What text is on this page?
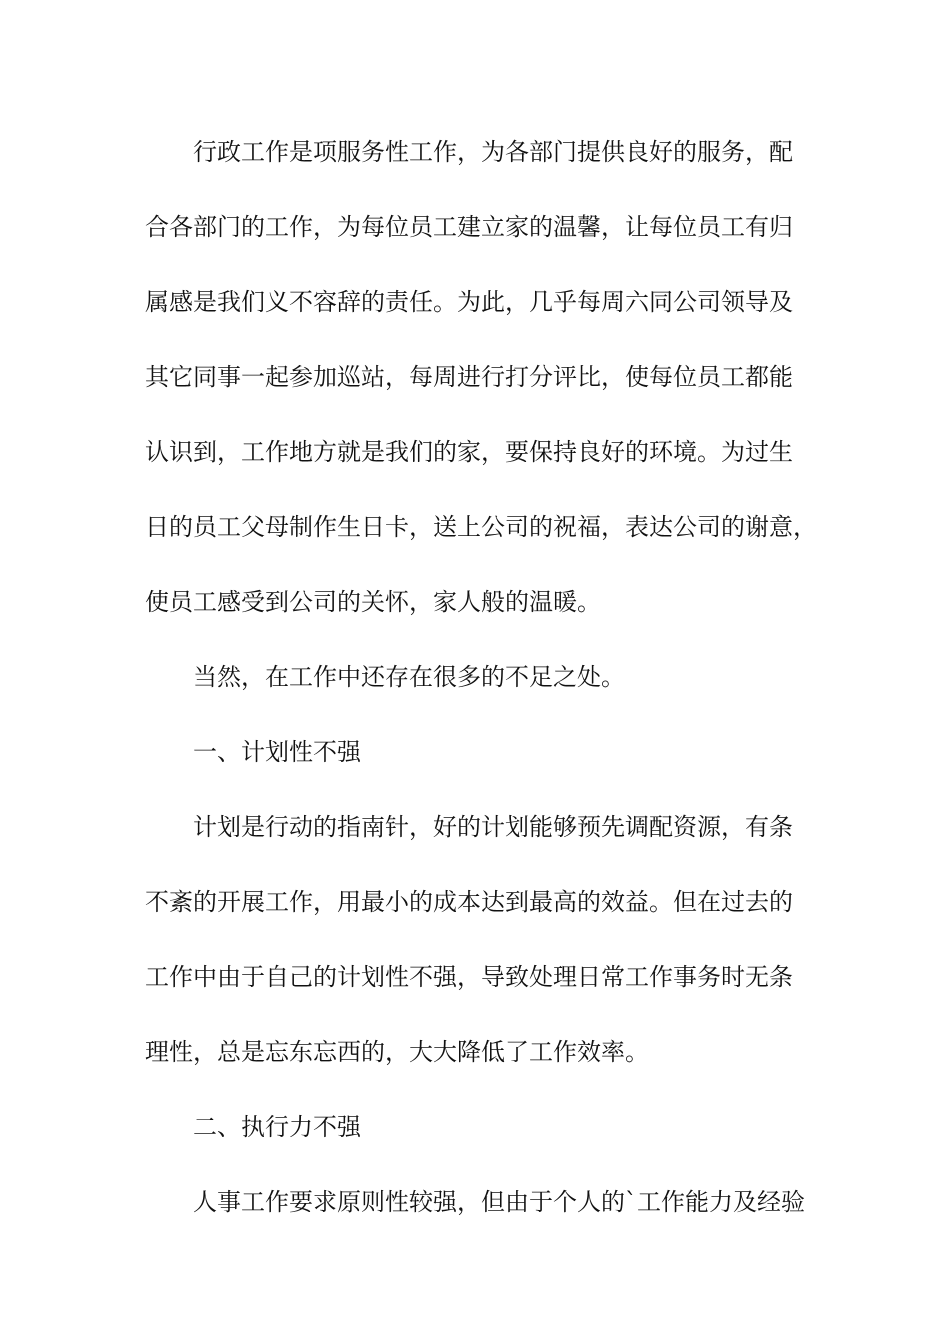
行政工作是项服务性工作，为各部门提供良好的服务，配
合各部门的工作，为每位员工建立家的温馨，让每位员工有归
属感是我们义不容辞的责任。为此，几乎每周六同公司领导及
其它同事一起参加巡站，每周进行打分评比，使每位员工都能
认识到，工作地方就是我们的家，要保持良好的环境。为过生
日的员工父母制作生日卡，送上公司的祝福，表达公司的谢意，
使员工感受到公司的关怀，家人般的温暖。
当然，在工作中还存在很多的不足之处。
一、计划性不强
计划是行动的指南针，好的计划能够预先调配资源，有条
不紊的开展工作，用最小的成本达到最高的效益。但在过去的
工作中由于自己的计划性不强，导致处理日常工作事务时无条
理性，总是忘东忘西的，大大降低了工作效率。
二、执行力不强
人事工作要求原则性较强，但由于个人的`工作能力及经验
